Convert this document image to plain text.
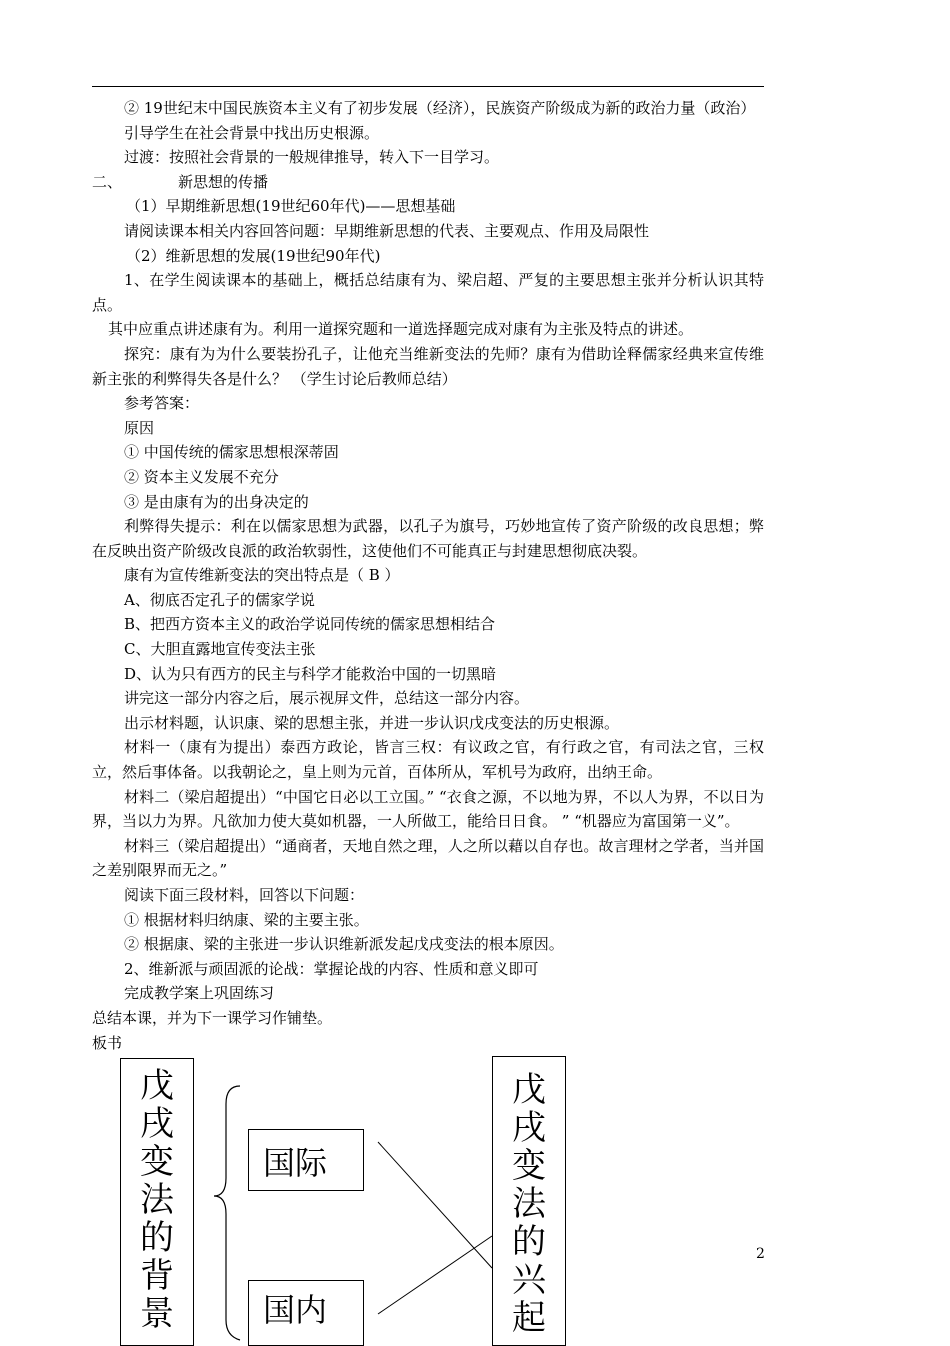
② 19世纪末中国民族资本主义有了初步发展（经济），民族资产阶级成为新的政治力量（政治）

引导学生在社会背景中找出历史根源。

过渡：按照社会背景的一般规律推导，转入下一目学习。

二、	新思想的传播

（1）早期维新思想(19世纪60年代)——思想基础

请阅读课本相关内容回答问题：早期维新思想的代表、主要观点、作用及局限性

（2）维新思想的发展(19世纪90年代)

1、在学生阅读课本的基础上，概括总结康有为、梁启超、严复的主要思想主张并分析认识其特点。

其中应重点讲述康有为。利用一道探究题和一道选择题完成对康有为主张及特点的讲述。

探究：康有为为什么要装扮孔子，让他充当维新变法的先师？康有为借助诠释儒家经典来宣传维新主张的利弊得失各是什么？ （学生讨论后教师总结）

参考答案：

原因

① 中国传统的儒家思想根深蒂固

② 资本主义发展不充分

③ 是由康有为的出身决定的

利弊得失提示：利在以儒家思想为武器，以孔子为旗号，巧妙地宣传了资产阶级的改良思想；弊在反映出资产阶级改良派的政治软弱性，这使他们不可能真正与封建思想彻底决裂。

康有为宣传维新变法的突出特点是（ B ）

A、彻底否定孔子的儒家学说

B、把西方资本主义的政治学说同传统的儒家思想相结合

C、大胆直露地宣传变法主张

D、认为只有西方的民主与科学才能救治中国的一切黑暗

讲完这一部分内容之后，展示视屏文件，总结这一部分内容。

出示材料题，认识康、梁的思想主张，并进一步认识戊戌变法的历史根源。

材料一（康有为提出）泰西方政论，皆言三权：有议政之官，有行政之官，有司法之官，三权立，然后事体备。以我朝论之，皇上则为元首，百体所从，军机号为政府，出纳王命。

材料二（梁启超提出）“中国它日必以工立国。” “衣食之源，不以地为界，不以人为界，不以日为界，当以力为界。凡欲加力使大莫如机器，一人所做工，能给日日食。 ” “机器应为富国第一义”。

材料三（梁启超提出）“通商者，天地自然之理，人之所以藉以自存也。故言理材之学者，当并国之差别限界而无之。”

阅读下面三段材料，回答以下问题：

① 根据材料归纳康、梁的主要主张。

② 根据康、梁的主张进一步认识维新派发起戊戌变法的根本原因。

2、维新派与顽固派的论战：掌握论战的内容、性质和意义即可

完成教学案上巩固练习

总结本课，并为下一课学习作铺垫。

板书

戊戌变法的背景
国际
国内
戊戌变法的兴起
2
